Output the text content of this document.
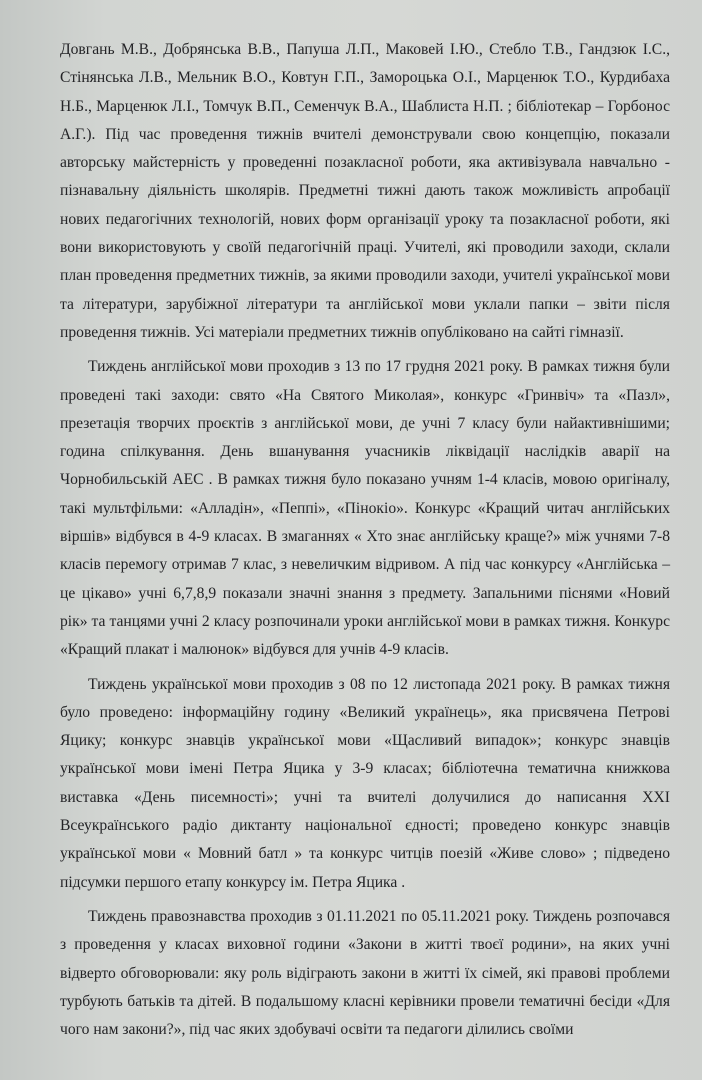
Довгань М.В., Добрянська В.В., Папуша Л.П., Маковей І.Ю., Стебло Т.В., Гандзюк І.С., Стінянська Л.В., Мельник В.О., Ковтун Г.П., Замороцька О.І., Марценюк Т.О., Курдибаха Н.Б., Марценюк Л.І., Томчук В.П., Семенчук В.А., Шаблиста Н.П. ; бібліотекар – Горбонос А.Г.). Під час проведення тижнів вчителі демонстрували свою концепцію, показали авторську майстерність у проведенні позакласної роботи, яка активізувала навчально - пізнавальну діяльність школярів. Предметні тижні дають також можливість апробації нових педагогічних технологій, нових форм організації уроку та позакласної роботи, які вони використовують у своїй педагогічній праці. Учителі, які проводили заходи, склали план проведення предметних тижнів, за якими проводили заходи, учителі української мови та літератури, зарубіжної літератури та англійської мови уклали папки – звіти після проведення тижнів. Усі матеріали предметних тижнів опубліковано на сайті гімназії.

Тиждень англійської мови проходив з 13 по 17 грудня 2021 року. В рамках тижня були проведені такі заходи: свято «На Святого Миколая», конкурс «Гринвіч» та «Пазл», презетація творчих проєктів з англійської мови, де учні 7 класу були найактивнішими; година спілкування. День вшанування учасників ліквідації наслідків аварії на Чорнобильській АЕС . В рамках тижня було показано учням 1-4 класів, мовою оригіналу, такі мультфільми: «Алладін», «Пеппі», «Пінокіо». Конкурс «Кращий читач англійських віршів» відбувся в 4-9 класах. В змаганнях « Хто знає англійську краще?» між учнями 7-8 класів перемогу отримав 7 клас, з невеличким відривом. А під час конкурсу «Англійська – це цікаво» учні 6,7,8,9 показали значні знання з предмету. Запальними піснями «Новий рік» та танцями учні 2 класу розпочинали уроки англійської мови в рамках тижня. Конкурс «Кращий плакат і малюнок» відбувся для учнів 4-9 класів.

Тиждень української мови проходив з 08 по 12 листопада 2021 року. В рамках тижня було проведено: інформаційну годину «Великий українець», яка присвячена Петрові Яцику; конкурс знавців української мови «Щасливий випадок»; конкурс знавців української мови імені Петра Яцика у 3-9 класах; бібліотечна тематична книжкова виставка «День писемності»; учні та вчителі долучилися до написання ХХІ Всеукраїнського радіо диктанту національної єдності; проведено конкурс знавців української мови « Мовний батл » та конкурс читців поезій «Живе слово» ; підведено підсумки першого етапу конкурсу ім. Петра Яцика .

Тиждень правознавства проходив з 01.11.2021 по 05.11.2021 року. Тиждень розпочався з проведення у класах виховної години «Закони в житті твоєї родини», на яких учні відверто обговорювали: яку роль відіграють закони в житті їх сімей, які правові проблеми турбують батьків та дітей. В подальшому класні керівники провели тематичні бесіди «Для чого нам закони?», під час яких здобувачі освіти та педагоги ділились своїми
